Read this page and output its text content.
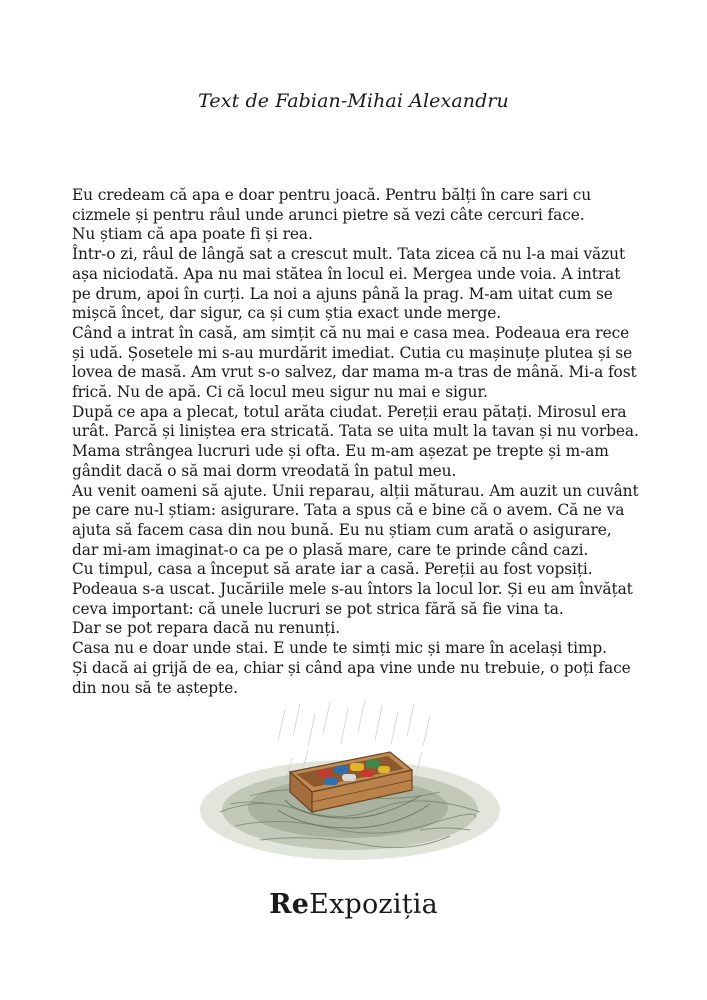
Text de Fabian-Mihai Alexandru

Eu credeam că apa e doar pentru joacă. Pentru bălți în care sari cu cizmele și pentru râul unde arunci pietre să vezi câte cercuri face.

Nu știam că apa poate fi și rea.

Într-o zi, râul de lângă sat a crescut mult. Tata zicea că nu l-a mai văzut așa niciodată. Apa nu mai stătea în locul ei. Mergea unde voia. A intrat pe drum, apoi în curți. La noi a ajuns până la prag. M-am uitat cum se mișcă încet, dar sigur, ca și cum știa exact unde merge.

Când a intrat în casă, am simțit că nu mai e casa mea. Podeaua era rece și udă. Șosetele mi s-au murdărit imediat. Cutia cu mașinuțe plutea și se lovea de masă. Am vrut s-o salvez, dar mama m-a tras de mână. Mi-a fost frică. Nu de apă. Ci că locul meu sigur nu mai e sigur.

După ce apa a plecat, totul arăta ciudat. Pereții erau pătați. Mirosul era urât. Parcă și liniștea era stricată. Tata se uita mult la tavan și nu vorbea. Mama strângea lucruri ude și ofta. Eu m-am așezat pe trepte și m-am gândit dacă o să mai dorm vreodată în patul meu.

Au venit oameni să ajute. Unii reparau, alții măturau. Am auzit un cuvânt pe care nu-l știam: asigurare. Tata a spus că e bine că o avem. Că ne va ajuta să facem casa din nou bună. Eu nu știam cum arată o asigurare, dar mi-am imaginat-o ca pe o plasă mare, care te prinde când cazi.

Cu timpul, casa a început să arate iar a casă. Pereții au fost vopsiți. Podeaua s-a uscat. Jucăriile mele s-au întors la locul lor. Și eu am învățat ceva important: că unele lucruri se pot strica fără să fie vina ta.

Dar se pot repara dacă nu renunți.

Casa nu e doar unde stai. E unde te simți mic și mare în același timp.

Și dacă ai grijă de ea, chiar și când apa vine unde nu trebuie, o poți face din nou să te aștepte.

ReExpoziția
